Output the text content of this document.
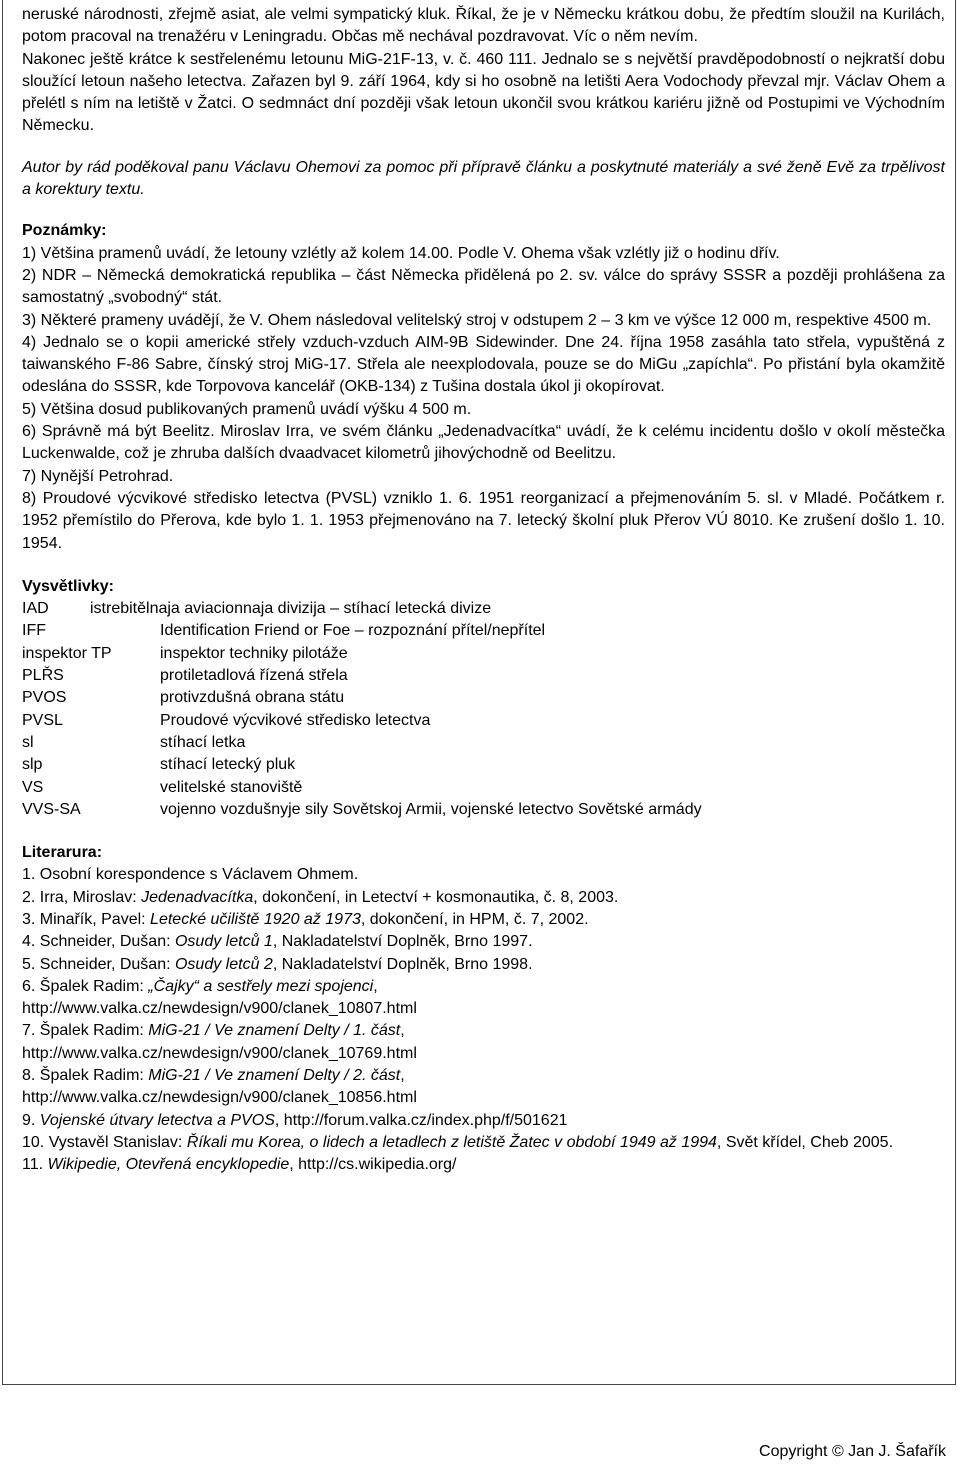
neruské národnosti, zřejmě asiat, ale velmi sympatický kluk. Říkal, že je v Německu krátkou dobu, že předtím sloužil na Kurilách, potom pracoval na trenažéru v Leningradu. Občas mě nechával pozdravovat. Víc o něm nevím.

Nakonec ještě krátce k sestřelenému letounu MiG-21F-13, v. č. 460 111. Jednalo se s největší pravděpodobností o nejkratší dobu sloužící letoun našeho letectva. Zařazen byl 9. září 1964, kdy si ho osobně na letišti Aera Vodochody převzal mjr. Václav Ohem a přelétl s ním na letiště v Žatci. O sedmnáct dní později však letoun ukončil svou krátkou kariéru jižně od Postupimi ve Východním Německu.

Autor by rád poděkoval panu Václavu Ohemovi za pomoc při přípravě článku a poskytnuté materiály a své ženě Evě za trpělivost a korektury textu.

Poznámky:

1) Většina pramenů uvádí, že letouny vzlétly až kolem 14.00. Podle V. Ohema však vzlétly již o hodinu dřív.

2) NDR – Německá demokratická republika – část Německa přidělená po 2. sv. válce do správy SSSR a později prohlášena za samostatný „svobodný“ stát.

3) Některé prameny uvádějí, že V. Ohem následoval velitelský stroj v odstupem 2 – 3 km ve výšce 12 000 m, respektive 4500 m.

4) Jednalo se o kopii americké střely vzduch-vzduch AIM-9B Sidewinder. Dne 24. října 1958 zasáhla tato střela, vypuštěná z taiwanského F-86 Sabre, čínský stroj MiG-17. Střela ale neexplodovala, pouze se do MiGu „zapíchla“. Po přistání byla okamžitě odeslána do SSSR, kde Torpovova kancelář (OKB-134) z Tušina dostala úkol ji okopírovat.

5) Většina dosud publikovaných pramenů uvádí výšku 4 500 m.

6) Správně má být Beelitz. Miroslav Irra, ve svém článku „Jedenadvacítka“ uvádí, že k celému incidentu došlo v okolí městečka Luckenwalde, což je zhruba dalších dvaadvacet kilometrů jihovýchodně od Beelitzu.

7) Nynější Petrohrad.

8) Proudové výcvikové středisko letectva (PVSL) vzniklo 1. 6. 1951 reorganizací a přejmenováním 5. sl. v Mladé. Počátkem r. 1952 přemístilo do Přerova, kde bylo 1. 1. 1953 přejmenováno na 7. letecký školní pluk Přerov VÚ 8010. Ke zrušení došlo 1. 10. 1954.

Vysvětlivky:

IAD	istrebitělnaja aviacionnaja divizija – stíhací letecká divize
IFF	Identification Friend or Foe – rozpoznání přítel/nepřítel
inspektor TP	inspektor techniky pilotáže
PLŘS	protiletadlová řízená střela
PVOS	protivzdušná obrana státu
PVSL	Proudové výcvikové středisko letectva
sl	stíhací letka
slp	stíhací letecký pluk
VS	velitelské stanoviště
VVS-SA	vojenno vozdušnyje sily Sovětskoj Armii, vojenské letectvo Sovětské armády

Literarura:

1. Osobní korespondence s Václavem Ohmem.

2. Irra, Miroslav: Jedenadvacítka, dokončení, in Letectví + kosmonautika, č. 8, 2003.

3. Minařík, Pavel: Letecké učiliště 1920 až 1973, dokončení, in HPM, č. 7, 2002.

4. Schneider, Dušan: Osudy letců 1, Nakladatelství Doplněk, Brno 1997.

5. Schneider, Dušan: Osudy letců 2, Nakladatelství Doplněk, Brno 1998.

6. Špalek Radim: „Čajky“ a sestřely mezi spojenci,
http://www.valka.cz/newdesign/v900/clanek_10807.html

7. Špalek Radim: MiG-21 / Ve znamení Delty / 1. část,
http://www.valka.cz/newdesign/v900/clanek_10769.html

8. Špalek Radim: MiG-21 / Ve znamení Delty / 2. část,
http://www.valka.cz/newdesign/v900/clanek_10856.html

9. Vojenské útvary letectva a PVOS, http://forum.valka.cz/index.php/f/501621

10. Vystavěl Stanislav: Říkali mu Korea, o lidech a letadlech z letiště Žatec v období 1949 až 1994, Svět křídel, Cheb 2005.

11. Wikipedie, Otevřená encyklopedie, http://cs.wikipedia.org/

Copyright © Jan J. Šafařík
